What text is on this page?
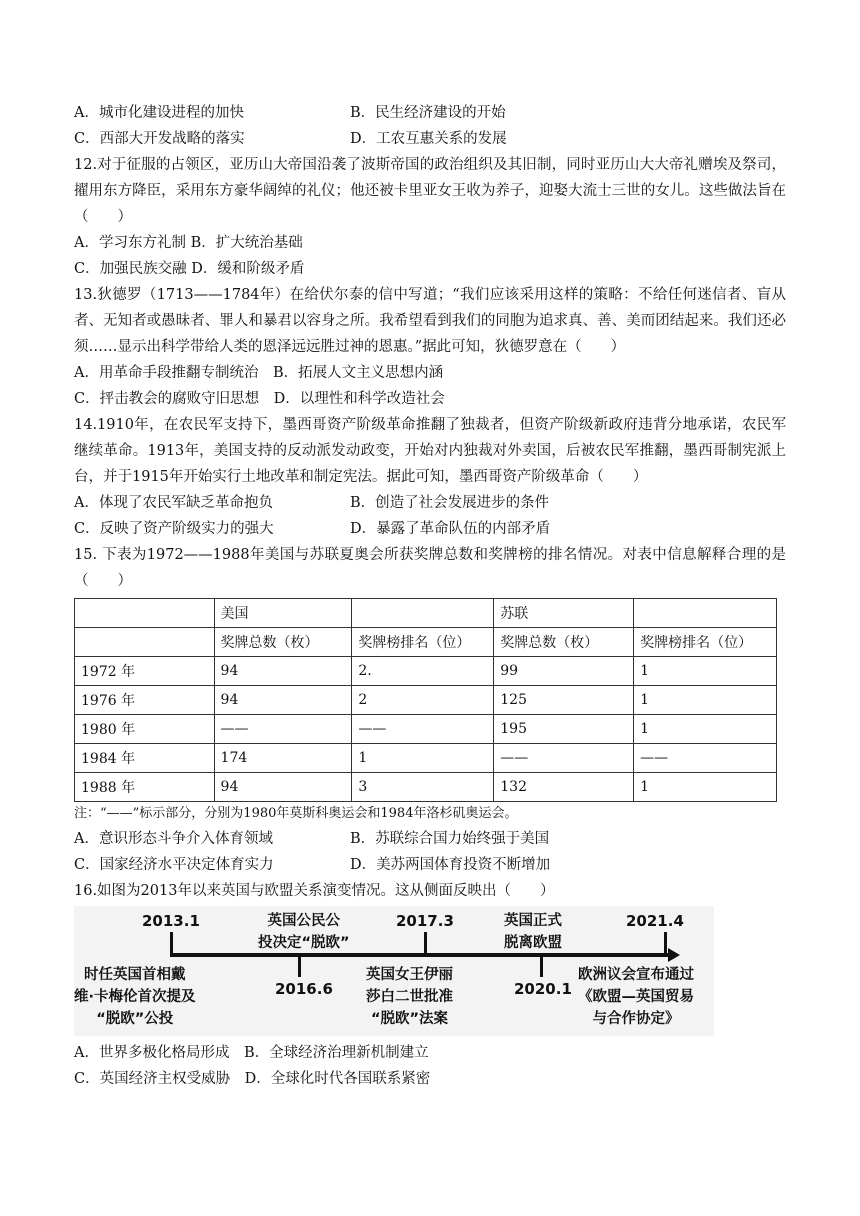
A．城市化建设进程的加快	B．民生经济建设的开始
C．西部大开发战略的落实	D．工农互惠关系的发展
12.对于征服的占领区，亚历山大帝国沿袭了波斯帝国的政治组织及其旧制，同时亚历山大大帝礼赠埃及祭司，擢用东方降臣，采用东方豪华阔绰的礼仪；他还被卡里亚女王收为养子，迎娶大流士三世的女儿。这些做法旨在（　　）
A．学习东方礼制 B．扩大统治基础
C．加强民族交融 D．缓和阶级矛盾
13.狄德罗（1713——1784年）在给伏尔泰的信中写道；“我们应该采用这样的策略：不给任何迷信者、盲从者、无知者或愚昧者、罪人和暴君以容身之所。我希望看到我们的同胞为追求真、善、美而团结起来。我们还必须……显示出科学带给人类的恩泽远远胜过神的恩惠。”据此可知，狄德罗意在（　　）
A．用革命手段推翻专制统治　B．拓展人文主义思想内涵
C．抨击教会的腐败守旧思想　D．以理性和科学改造社会
14.1910年，在农民军支持下，墨西哥资产阶级革命推翻了独裁者，但资产阶级新政府违背分地承诺，农民军继续革命。1913年，美国支持的反动派发动政变，开始对内独裁对外卖国，后被农民军推翻，墨西哥制宪派上台，并于1915年开始实行土地改革和制定宪法。据此可知，墨西哥资产阶级革命（　　）
A．体现了农民军缺乏革命抱负	B．创造了社会发展进步的条件
C．反映了资产阶级实力的强大	D．暴露了革命队伍的内部矛盾
15. 下表为1972——1988年美国与苏联夏奥会所获奖牌总数和奖牌榜的排名情况。对表中信息解释合理的是（　　）
	美国		苏联	
	奖牌总数（枚）	奖牌榜排名（位）	奖牌总数（枚）	奖牌榜排名（位）
1972 年	94	2.	99	1
1976 年	94	2	125	1
1980 年	——	——	195	1
1984 年	174	1	——	——
1988 年	94	3	132	1
注：“——”标示部分，分别为1980年莫斯科奥运会和1984年洛杉矶奥运会。
A．意识形态斗争介入体育领域	B．苏联综合国力始终强于美国
C．国家经济水平决定体育实力	D．美苏两国体育投资不断增加
16.如图为2013年以来英国与欧盟关系演变情况。这从侧面反映出（　　）
2013.1
2016.6
2017.3
2020.1
2021.4
英国公民公
投决定“脱欧”
英国正式
脱离欧盟
时任英国首相戴
维·卡梅伦首次提及
“脱欧”公投
英国女王伊丽
莎白二世批准
“脱欧”法案
欧洲议会宣布通过
《欧盟—英国贸易
与合作协定》
A．世界多极化格局形成　B．全球经济治理新机制建立
C．英国经济主权受威胁　D．全球化时代各国联系紧密
